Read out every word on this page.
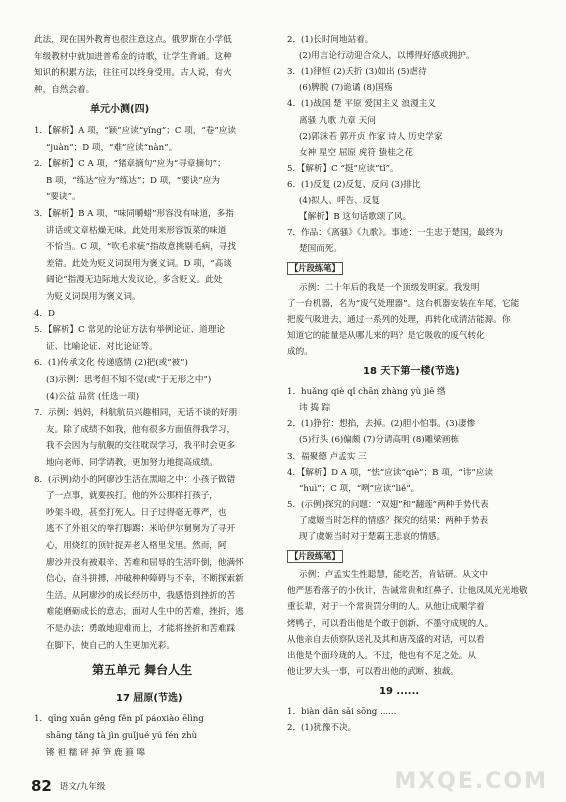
此法，现在国外教育也很注意这点。俄罗斯在小学低
年级教材中就加进普希金的诗歌，让学生背诵。这种
知识的积累方法，往往可以终身受用。古人说，有火
种，自然会着。
单元小测(四)
1．【解析】A 项，“颖”应读“yǐng”；C 项，“卷”应读
“juàn”；D 项，“难”应读“nàn”。
2．【解析】C A 项，“猪章摘句”应为“寻章摘句”；
B 项，“练达”应为“练达”；D 项，“要诀”应为
“要诀”。
3．【解析】B A 项，“味同嚼蜡”形容没有味道，多指
讲话或文章枯燥无味。此处用来形容饭菜的味道
不恰当。C 项，“吹毛求疵”指故意挑剔毛病，寻找
差错。此处为贬义词误用为褒义词。D 项，“高谈
阔论”指漫无边际地大发议论，多含贬义。此处
为贬义词误用为褒义词。
4．D
5．【解析】C 常见的论证方法有举例论证、道理论
证、比喻论证、对比论证等。
6．(1)传承文化 传递感情 (2)把(或“被”)
(3)示例：思考但不知不觉(或“于无形之中”)
(4)公益 品赏 (任选一项)
7．示例：妈妈，科航航员兴趣相同，无话不谈的好朋
友。除了成绩不如我，他有很多方面值得我学习，
我不会因为与航舰的交往耽误学习，我平时会更多
地向老师、同学请教，更加努力地提高成绩。
8．(示例)幼小的阿廖沙生活在黑暗之中：小孩子做错
了一点事，就要挨打。他的外公那样打孩子，
吵架斗殴，甚至打死人。日子过得毫无尊严，也
逃不了外祖父的拳打脚踢；米哈伊尔舅舅为了寻开
心，用烧红的顶针捉弄老人格里戈里。然而，阿
廖沙并没有被艰辛、苦难和屈辱的生活吓倒，他满怀
信心，奋斗拼搏，冲破种种障碍与不幸，不断探索新
生活。从阿廖沙的成长经历中，我感悟到挫折的苦
难能磨砺成长的意志，面对人生中的苦难，挫折，逃
不是办法；勇敢地迎难而上，才能将挫折和苦难踩
在脚下，使自己的人生更加光彩。
第五单元 舞台人生
17 屈原(节选)
1．qīng xuān gěng fěn pǐ páoxiào ēlìng
shāng tǎng tà jìn guǐjué yú fén zhù
锵 袒 糯 砰 掉 笋 鹿 箍 嗥
2．(1)长时间地站着。
(2)用言论行动迎合众人，以博得好感或拥护。
3．(1)律恒 (2)夭折 (3)如出 (5)虐待
(6)脾脱 (7)诡谲 (8)国殇
4．(1)战国 楚 平原 爱国主义 浪漫主义
离骚 九歌 九章 天问
(2)郭沫若 郭开贞 作家 诗人 历史学家
女神 星空 屈原 虎符 蛰桂之花
5．【解析】C “挺”应读“tǐ”。
6．(1)反复 (2)反复、反问 (3)排比
(4)拟人、呼告、反复
【解析】B 这句话歌颂了风。
7．作品：《离骚》《九歌》。事迹：一生忠于楚国，最终为
楚国而死。
【片段练笔】
示例：二十年后的我是一个顶级发明家。我发明
了一台机器，名为“废气处理器”。这台机器安装在车尾，它能
把废气吸进去，通过一系列的处理，再转化成清洁能源。你
知道它的能量是从哪儿来的吗？是它吸收的废气转化
成的。
18 天下第一楼(节选)
1．huǎng qiè qǐ chān zhàng yù jiē 绺
讳 捣 踪
2．(1)狰狞：想掐，去掉。(2)胆小怕事。(3)凄惨
(5)行头 (6)偏颇 (7)分请高明 (8)雕梁画栋
3．福聚德 卢孟实 三
4．【解析】D A 项，“怯”应读“qiè”；B 项，“讳”应读
“huì”；C 项，“咧”应读“liě”。
5．(示例)探究的问题：“双翅”和“翻莲”两种手势代表
了虞姬当时怎样的情感？探究的结果：两种手势表
现了虞姬当时对于楚霸王悲哀的情感。
【片段练笔】
示例：卢孟实生性聪慧，能吃苦，肯钻研。从文中
他严惩看落子的小伙计，告诫常贵和红鼻子、让他凤凤光光地敬
重长辈，对于一个常贵罚分明的人。从他让成顺学着
烤鸭子，可以看出他是个敢于创新、不墨守成规的人。
从他亲自去侦察队送礼及其和唐茂盛的对话，可以看
出他是个面玲珑的人。不过，他也有不足之处。从
他让罗大头一事，可以看出他的武断、独裁。
19 ......
1．biàn dān sāi sōng ......
2．(1)犹豫不决。
82 语文/九年级	MXQE.COM
